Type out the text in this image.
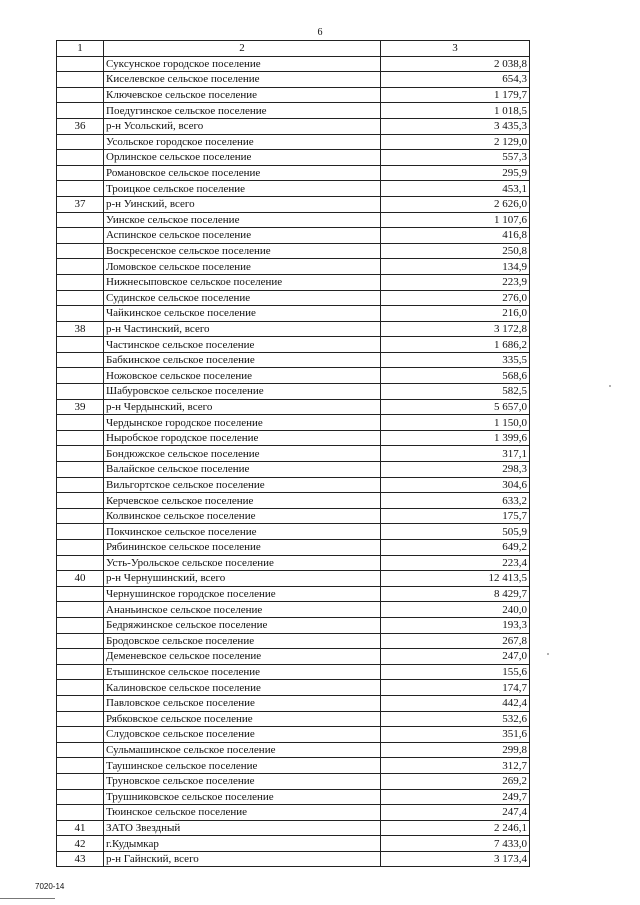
6
1	2	3
	Сукcунское городское поселение	2 038,8
	Киселевское сельское поселение	654,3
	Ключевское сельское поселение	1 179,7
	Поедугинское сельское поселение	1 018,5
36	р-н Усольский, всего	3 435,3
	Усольское городское поселение	2 129,0
	Орлинское сельское поселение	557,3
	Романовское сельское поселение	295,9
	Троицкое сельское поселение	453,1
37	р-н Уинский, всего	2 626,0
	Уинское сельское поселение	1 107,6
	Аспинское сельское поселение	416,8
	Воскресенское сельское поселение	250,8
	Ломовское сельское поселение	134,9
	Нижнесыповское сельское поселение	223,9
	Судинское сельское поселение	276,0
	Чайкинское сельское поселение	216,0
38	р-н Частинский, всего	3 172,8
	Частинское сельское поселение	1 686,2
	Бабкинское сельское поселение	335,5
	Ножовское сельское поселение	568,6
	Шабуровское сельское поселение	582,5
39	р-н Чердынский, всего	5 657,0
	Чердынское городское поселение	1 150,0
	Ныробское городское поселение	1 399,6
	Бондюжское сельское поселение	317,1
	Валайское сельское поселение	298,3
	Вильгортское сельское поселение	304,6
	Керчевское сельское поселение	633,2
	Колвинское сельское поселение	175,7
	Покчинское сельское поселение	505,9
	Рябининское сельское поселение	649,2
	Усть-Урольское сельское поселение	223,4
40	р-н Чернушинский, всего	12 413,5
	Чернушинское городское поселение	8 429,7
	Ананьинское сельское поселение	240,0
	Бедряжинское сельское поселение	193,3
	Бродовское сельское поселение	267,8
	Деменевское сельское поселение	247,0
	Етышинское сельское поселение	155,6
	Калиновское сельское поселение	174,7
	Павловское сельское поселение	442,4
	Рябковское сельское поселение	532,6
	Слудовское сельское поселение	351,6
	Сульмашинское сельское поселение	299,8
	Таушинское сельское поселение	312,7
	Труновское сельское поселение	269,2
	Трушниковское сельское поселение	249,7
	Тюинское сельское поселение	247,4
41	ЗАТО Звездный	2 246,1
42	г.Кудымкар	7 433,0
43	р-н Гайнский, всего	3 173,4
7020-14
